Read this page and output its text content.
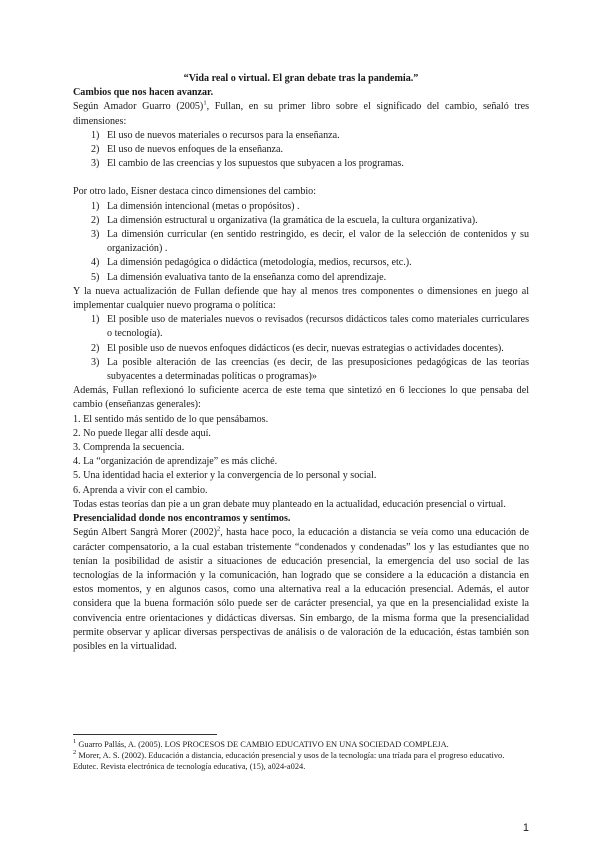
“Vida real o virtual. El gran debate tras la pandemia.”

Cambios que nos hacen avanzar.

Según Amador Guarro $(2005)^1$, Fullan, en su primer libro sobre el significado del cambio, señaló tres dimensiones:

1) El uso de nuevos materiales o recursos para la enseñanza.
2) El uso de nuevos enfoques de la enseñanza.
3) El cambio de las creencias y los supuestos que subyacen a los programas.

Por otro lado, Eisner destaca cinco dimensiones del cambio:

1) La dimensión intencional (metas o propósitos) .
2) La dimensión estructural u organizativa (la gramática de la escuela, la cultura organizativa).
3) La dimensión curricular (en sentido restringido, es decir, el valor de la selección de contenidos y su organización) .
4) La dimensión pedagógica o didáctica (metodología, medios, recursos, etc.).
5) La dimensión evaluativa tanto de la enseñanza como del aprendizaje.

Y la nueva actualización de Fullan defiende que hay al menos tres componentes o dimensiones en juego al implementar cualquier nuevo programa o política:

1) El posible uso de materiales nuevos o revisados (recursos didácticos tales como materiales curriculares o tecnología).
2) El posible uso de nuevos enfoques didácticos (es decir, nuevas estrategias o actividades docentes).
3) La posible alteración de las creencias (es decir, de las presuposiciones pedagógicas de las teorías subyacentes a determinadas políticas o programas)»

Además, Fullan reflexionó lo suficiente acerca de este tema que sintetizó en 6 lecciones lo que pensaba del cambio (enseñanzas generales):

1. El sentido más sentido de lo que pensábamos.

2. No puede llegar allí desde aquí.

3. Comprenda la secuencia.

4. La “organización de aprendizaje” es más cliché.

5. Una identidad hacia el exterior y la convergencia de lo personal y social.

6. Aprenda a vivir con el cambio.

Todas estas teorías dan pie a un gran debate muy planteado en la actualidad, educación presencial o virtual.

Presencialidad donde nos encontramos y sentimos.

Según Albert Sangrà Morer $(2002)^2$, hasta hace poco, la educación a distancia se veía como una educación de carácter compensatorio, a la cual estaban tristemente “condenados y condenadas” los y las estudiantes que no tenían la posibilidad de asistir a situaciones de educación presencial, la emergencia del uso social de las tecnologías de la información y la comunicación, han logrado que se considere a la educación a distancia en estos momentos, y en algunos casos, como una alternativa real a la educación presencial. Además, el autor considera que la buena formación sólo puede ser de carácter presencial, ya que en la presencialidad existe la convivencia entre orientaciones y didácticas diversas. Sin embargo, de la misma forma que la presencialidad permite observar y aplicar diversas perspectivas de análisis o de valoración de la educación, éstas también son posibles en la virtualidad.

$^1$ Guarro Pallás, A. (2005). LOS PROCESOS DE CAMBIO EDUCATIVO EN UNA SOCIEDAD COMPLEJA.

$^2$ Morer, A. S. (2002). Educación a distancia, educación presencial y usos de la tecnología: una tríada para el progreso educativo. Edutec. Revista electrónica de tecnología educativa, (15), a024-a024.

1
